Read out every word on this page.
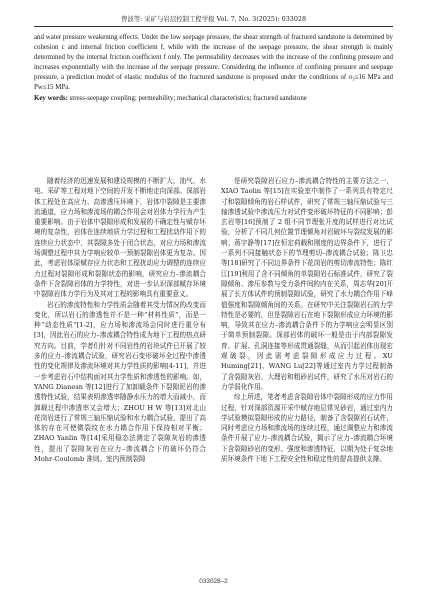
曾波等: 采矿与岩层控制工程学报 Vol. 7, No. 3(2025): 033028

and water pressure weakening effects. Under the low seepage pressure, the shear strength of fractured sandstone is determined by cohesion c and internal friction coefficient f, while with the increase of the seepage pressure, the shear strength is mainly determined by the internal friction coefficient f only. The permeability decreases with the increase of the confining pressure and increases exponentially with the increase of the seepage pressure. Considering the influence of confining pressure and seepage pressure, a prediction model of elastic modulus of the fractured sandstone is proposed under the conditions of σ₃≤16 MPa and Pw≤15 MPa.

Key words: stress-seepage coupling; permeability; mechanical characteristics; fractured sandstone

随着经济的迅速发展和建设规模的不断扩大，油气、水电、采矿等工程对地下空间的开发不断地走向深部。深部岩体工程处在高应力、高渗透压环境下，岩体中裂隙是主要渗流通道，应力场和渗流场的耦合作用会对岩体力学行为产生重要影响。由于岩体中裂隙形成和发展的不确定性与赋存环境的复杂性，岩体在连续地质力学过程和工程扰动作用下的连续应力状态中，其裂隙多处于闭合状态，对应力场和渗流场调整过程中其力学响应较单一预制裂隙岩体更为复杂。因此，考虑岩体原赋存应力状态和工程扰动应力调整的连续应力过程对裂隙形成和裂隙状态的影响，研究应力–渗流耦合条件下含裂隙岩体的力学特性，对进一步认识深部赋存环境中裂隙岩体力学行为及其对工程的影响具有重要意义。

岩石的渗流特性和力学性质会随着其受力情况的改变而变化，所以岩石的渗透性并不是一种“材料性质”，而是一种“动态性质”[1-2]，应力场和渗流场会同时进行重分布[3]，因此岩石的应力–渗流耦合特性成为地下工程的热点研究方向。目前，学者们针对不同岩性的岩块试件已开展了较多的应力–渗流耦合试验，研究岩石变形破坏全过程中渗透性的变化规律及渗流环境对其力学性质的影响[4-11]，并进一步考虑岩石中结构面对其力学性质和渗透性的影响。如，YANG Dianesn 等[12]进行了加卸载条件下裂隙泥岩的渗透特性试验，结果表明渗透率随静水压力的增大而减小，而卸载过程中渗透率又会增大；ZHOU H W 等[13]对北山花岗岩进行了常规三轴压缩试验和水力耦合试验，提出了高体的存在可使微裂纹在水力耦合作用下保持相对平衡；ZHAO Yanlin 等[14]采用稳态法测定了裂隙灰岩的渗透性，提出了裂隙灰岩在应力–渗流耦合下的破坏仍符合 Mohr-Coulomb 准则。室内预制裂隙

是研究裂隙岩石应力–渗流耦合特性的主要方法之一，XIAO Taolin 等[15]在实验室中制作了一系列具有特定尺寸和裂隙倾角的岩石样试件，研究了常规三轴压缩试验与三轴渗透试验中渗流压力对试件变形破坏特征的不同影响；彭玄岩等[16]预制了 2 组不同节理张开度的试样进行对比试验，分析了不同几何位置节理倾角对岩破坏与裂纹发展的影响；蒋宇静等[17]在恒定荷载和刚度的边界条件下，进行了一系列不同接触状态下的节理剪切–渗流耦合试验；陈卫忠等[18]研究了不同边界条件下花岗岩的剪切渗流特性；陈红江[19]利用了含不同倾角的单裂隙岩石标准试件，研究了裂隙倾角、渗压参数与受力条件间的内在关系，周志华[20]开展了长方体试件的预制裂隙试验，研究了水力耦合作用下峰值强度和裂隙倾角间的关系。在研究中关注裂隙岩石的力学特性是必要的，但是裂隙岩石在地下裂隙形成应力环境的影响，导致其在应力–渗流耦合条件下的力学响应会明显区别于简单预制裂隙。深部岩体的破坏一般是由于内部裂隙发育、扩展、孔洞连接等形成贯通裂缝，从而引起岩体出现宏观破裂，因此需考虑裂隙形成应力过程。XU Huming[21]、WANG Lu[22]等通过室内力学过程制备了含裂隙灰岩、大理岩和粗砂岩试件，研究了水压对岩石的力学弱化作用。

综上所述，笔者考虑含裂隙岩体中裂隙形成的应力作用过程，针对深部资源开采中赋存地层常见砂岩，通过室内力学试验模拟裂隙形成的应力路径，制备了含裂隙岩石试件，同时考虑应力场和渗流场的连续过程，通过调整应力和渗流条件开展了应力–渗流耦合试验，揭示了应力–渗流耦合环境下含裂隙砂岩的变形、强度和渗透特征，以期为处于复杂地质环境条件下地下工程安全性和稳定性的提高提供支撑。

033028–2
